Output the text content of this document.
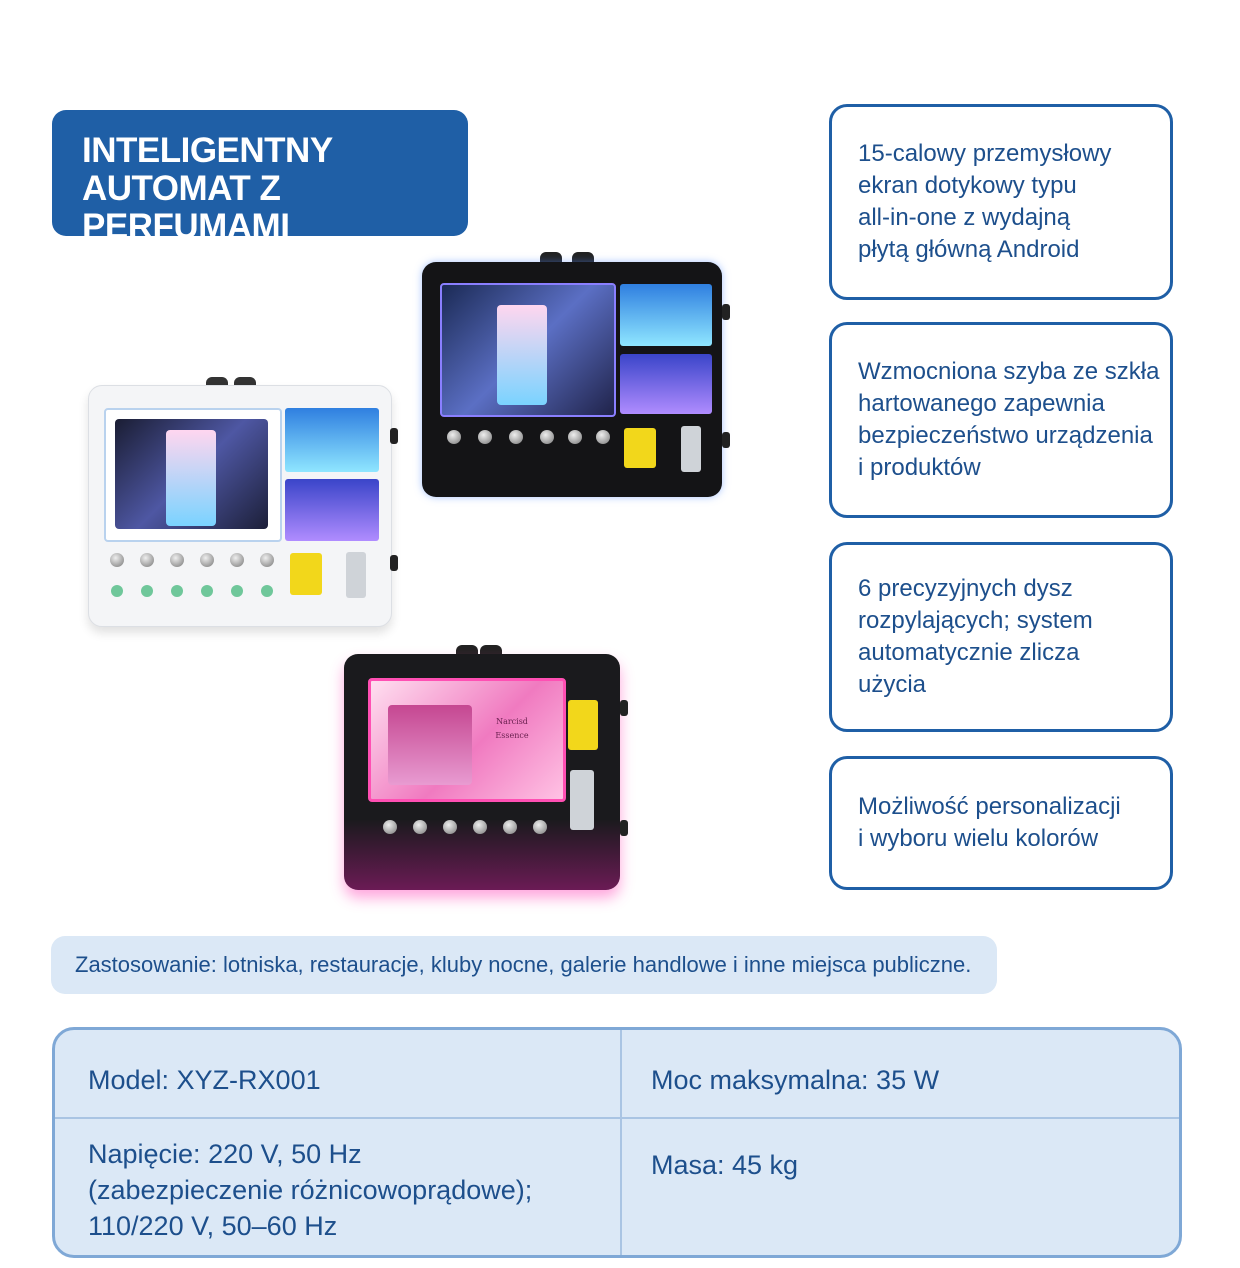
INTELIGENTNY
AUTOMAT Z PERFUMAMI
Narcisd Essence
15-calowy przemysłowy
ekran dotykowy typu
all-in-one z wydajną
płytą główną Android
Wzmocniona szyba ze szkła
hartowanego zapewnia
bezpieczeństwo urządzenia
i produktów
6 precyzyjnych dysz
rozpylających; system
automatycznie zlicza
użycia
Możliwość personalizacji
i wyboru wielu kolorów
Zastosowanie: lotniska, restauracje, kluby nocne, galerie handlowe i inne miejsca publiczne.
Model: XYZ-RX001	Moc maksymalna: 35 W
Napięcie: 220 V, 50 Hz
(zabezpieczenie różnicowoprądowe);
110/220 V, 50–60 Hz
Masa: 45 kg
